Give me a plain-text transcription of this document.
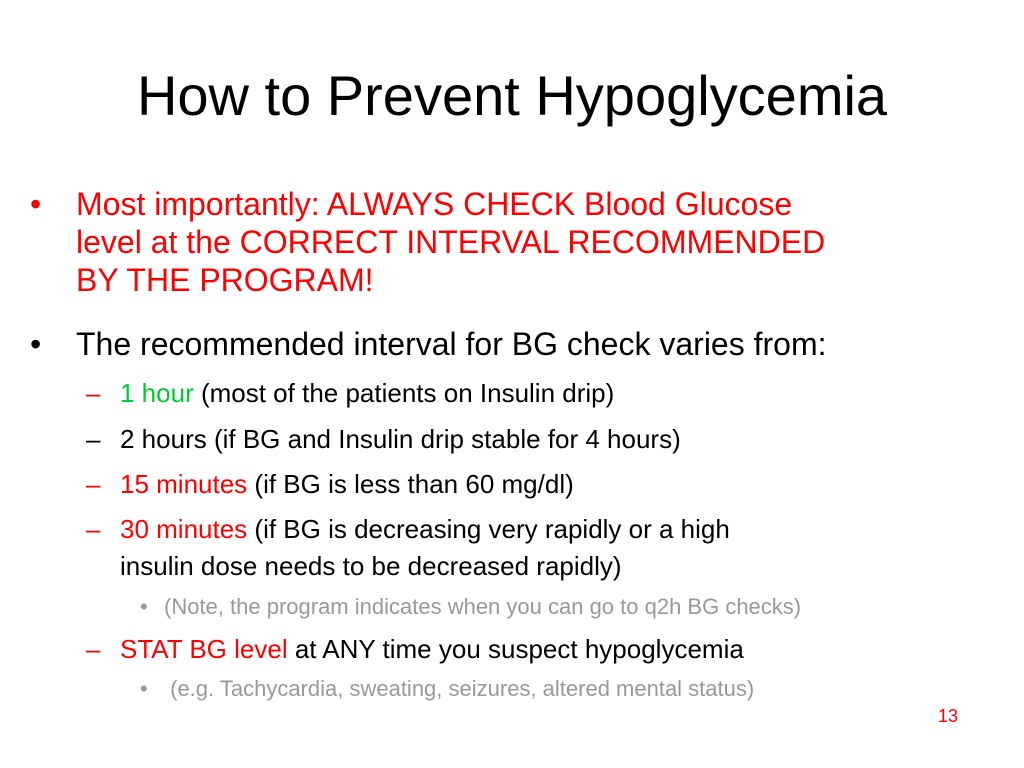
How to Prevent Hypoglycemia
• Most importantly: ALWAYS CHECK Blood Glucose
level at the CORRECT INTERVAL RECOMMENDED
BY THE PROGRAM!
• The recommended interval for BG check varies from:
– 1 hour (most of the patients on Insulin drip)
– 2 hours (if BG and Insulin drip stable for 4 hours)
– 15 minutes (if BG is less than 60 mg/dl)
– 30 minutes (if BG is decreasing very rapidly or a high
insulin dose needs to be decreased rapidly)
• (Note, the program indicates when you can go to q2h BG checks)
– STAT BG level at ANY time you suspect hypoglycemia
• (e.g. Tachycardia, sweating, seizures, altered mental status)
13
